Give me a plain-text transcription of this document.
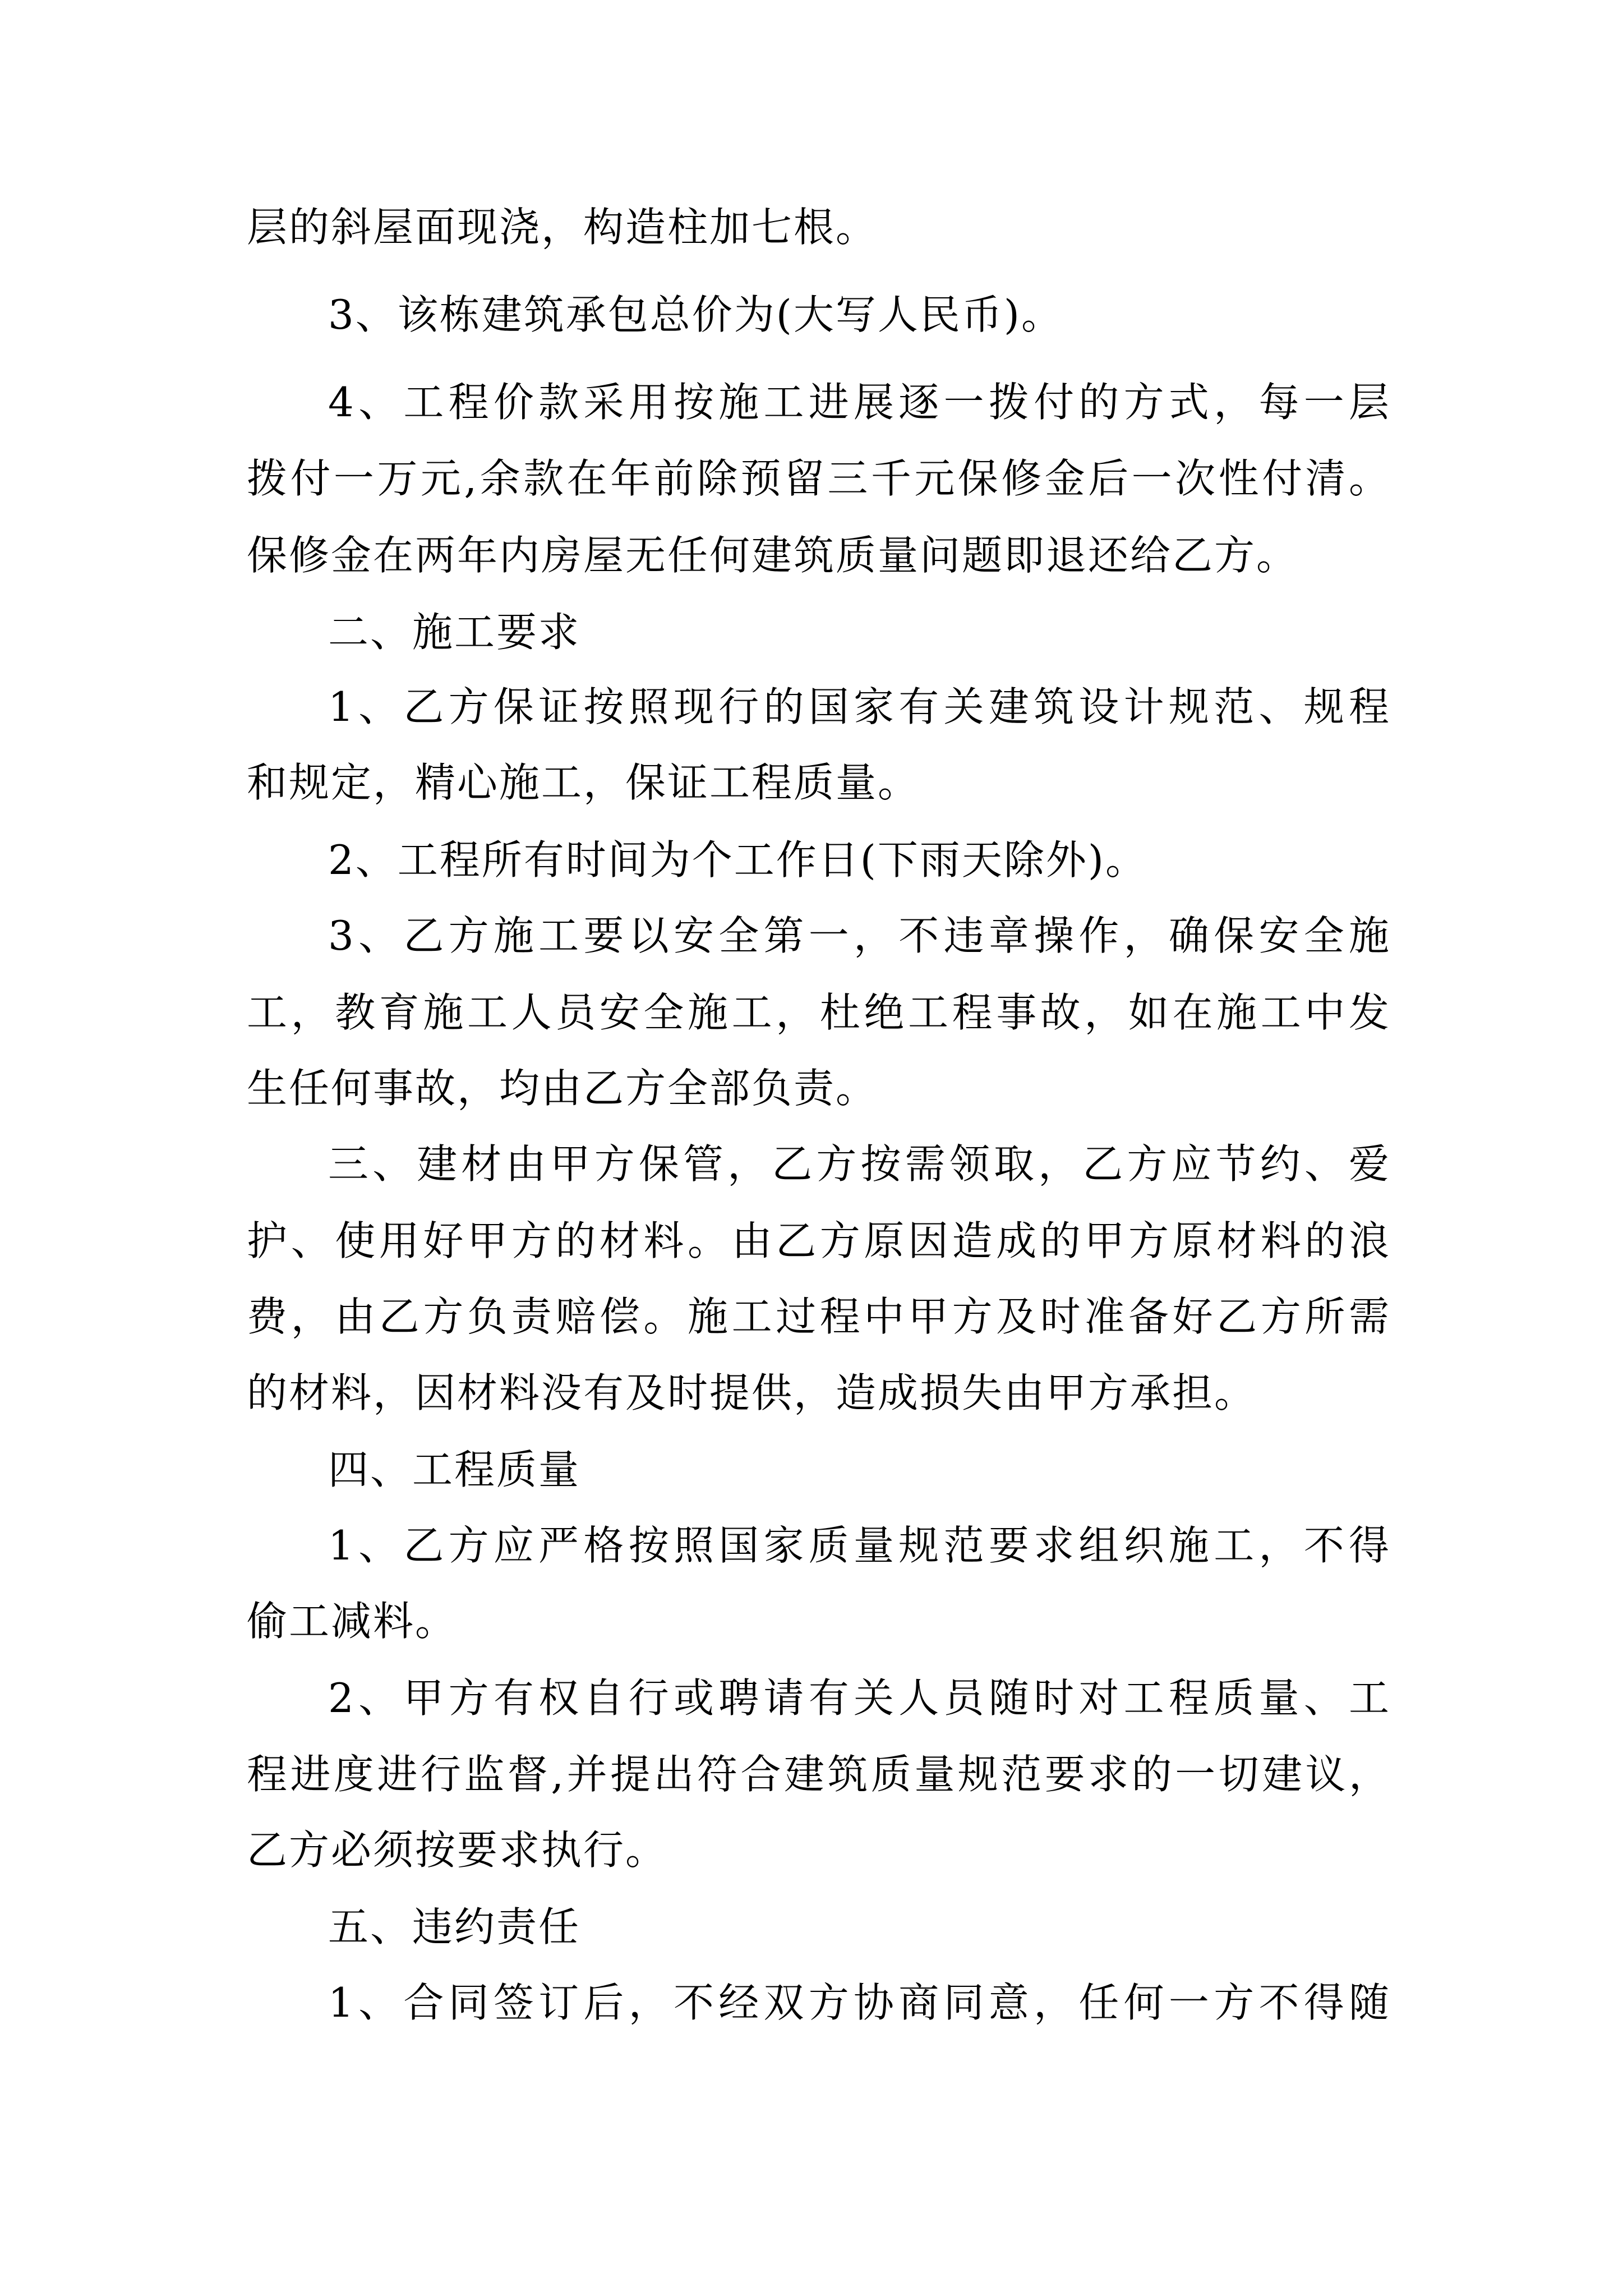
层的斜屋面现浇，构造柱加七根。

3、该栋建筑承包总价为(大写人民币)。

4、工程价款采用按施工进展逐一拨付的方式，每一层

拨付一万元,余款在年前除预留三千元保修金后一次性付清。

保修金在两年内房屋无任何建筑质量问题即退还给乙方。

二、施工要求

1、乙方保证按照现行的国家有关建筑设计规范、规程

和规定，精心施工，保证工程质量。

2、工程所有时间为个工作日(下雨天除外)。

3、乙方施工要以安全第一，不违章操作，确保安全施

工，教育施工人员安全施工，杜绝工程事故，如在施工中发

生任何事故，均由乙方全部负责。

三、建材由甲方保管，乙方按需领取，乙方应节约、爱

护、使用好甲方的材料。由乙方原因造成的甲方原材料的浪

费，由乙方负责赔偿。施工过程中甲方及时准备好乙方所需

的材料，因材料没有及时提供，造成损失由甲方承担。

四、工程质量

1、乙方应严格按照国家质量规范要求组织施工，不得

偷工减料。

2、甲方有权自行或聘请有关人员随时对工程质量、工

程进度进行监督,并提出符合建筑质量规范要求的一切建议，

乙方必须按要求执行。

五、违约责任

1、合同签订后，不经双方协商同意，任何一方不得随
